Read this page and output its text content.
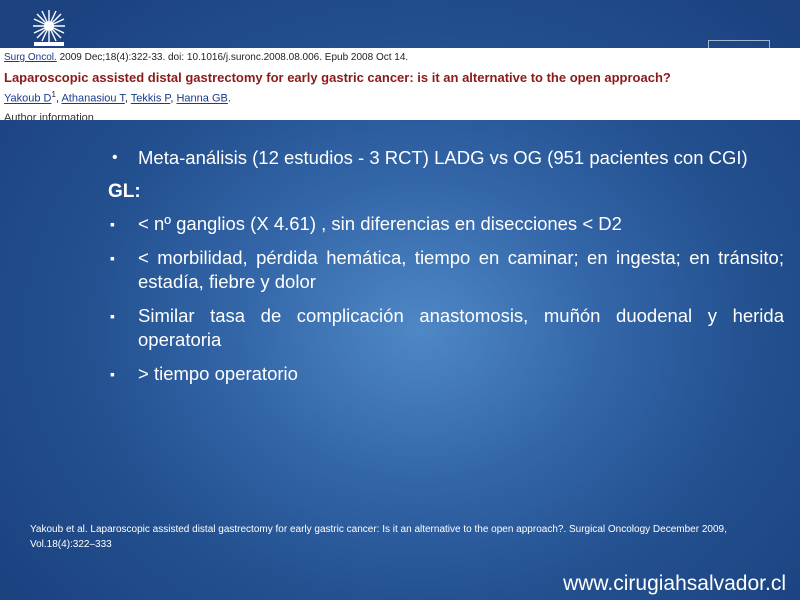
Surg Oncol. 2009 Dec;18(4):322-33. doi: 10.1016/j.suronc.2008.08.006. Epub 2008 Oct 14.
Laparoscopic assisted distal gastrectomy for early gastric cancer: is it an alternative to the open approach?
Yakoub $D^1$, Athanasiou T, Tekkis P, Hanna GB.
Author information
• Meta-análisis (12 estudios - 3 RCT) LADG vs OG (951 pacientes con CGI)
GL:
▪ < nº ganglios (X 4.61) , sin diferencias en disecciones < D2
▪ < morbilidad, pérdida hemática, tiempo en caminar; en ingesta; en tránsito; estadía, fiebre y dolor
▪ Similar tasa de complicación anastomosis, muñón duodenal y herida operatoria
▪ > tiempo operatorio
Yakoub et al. Laparoscopic assisted distal gastrectomy for early gastric cancer: Is it an alternative to the open approach?. Surgical Oncology December 2009, Vol.18(4):322–333
www.cirugiahsalvador.cl
